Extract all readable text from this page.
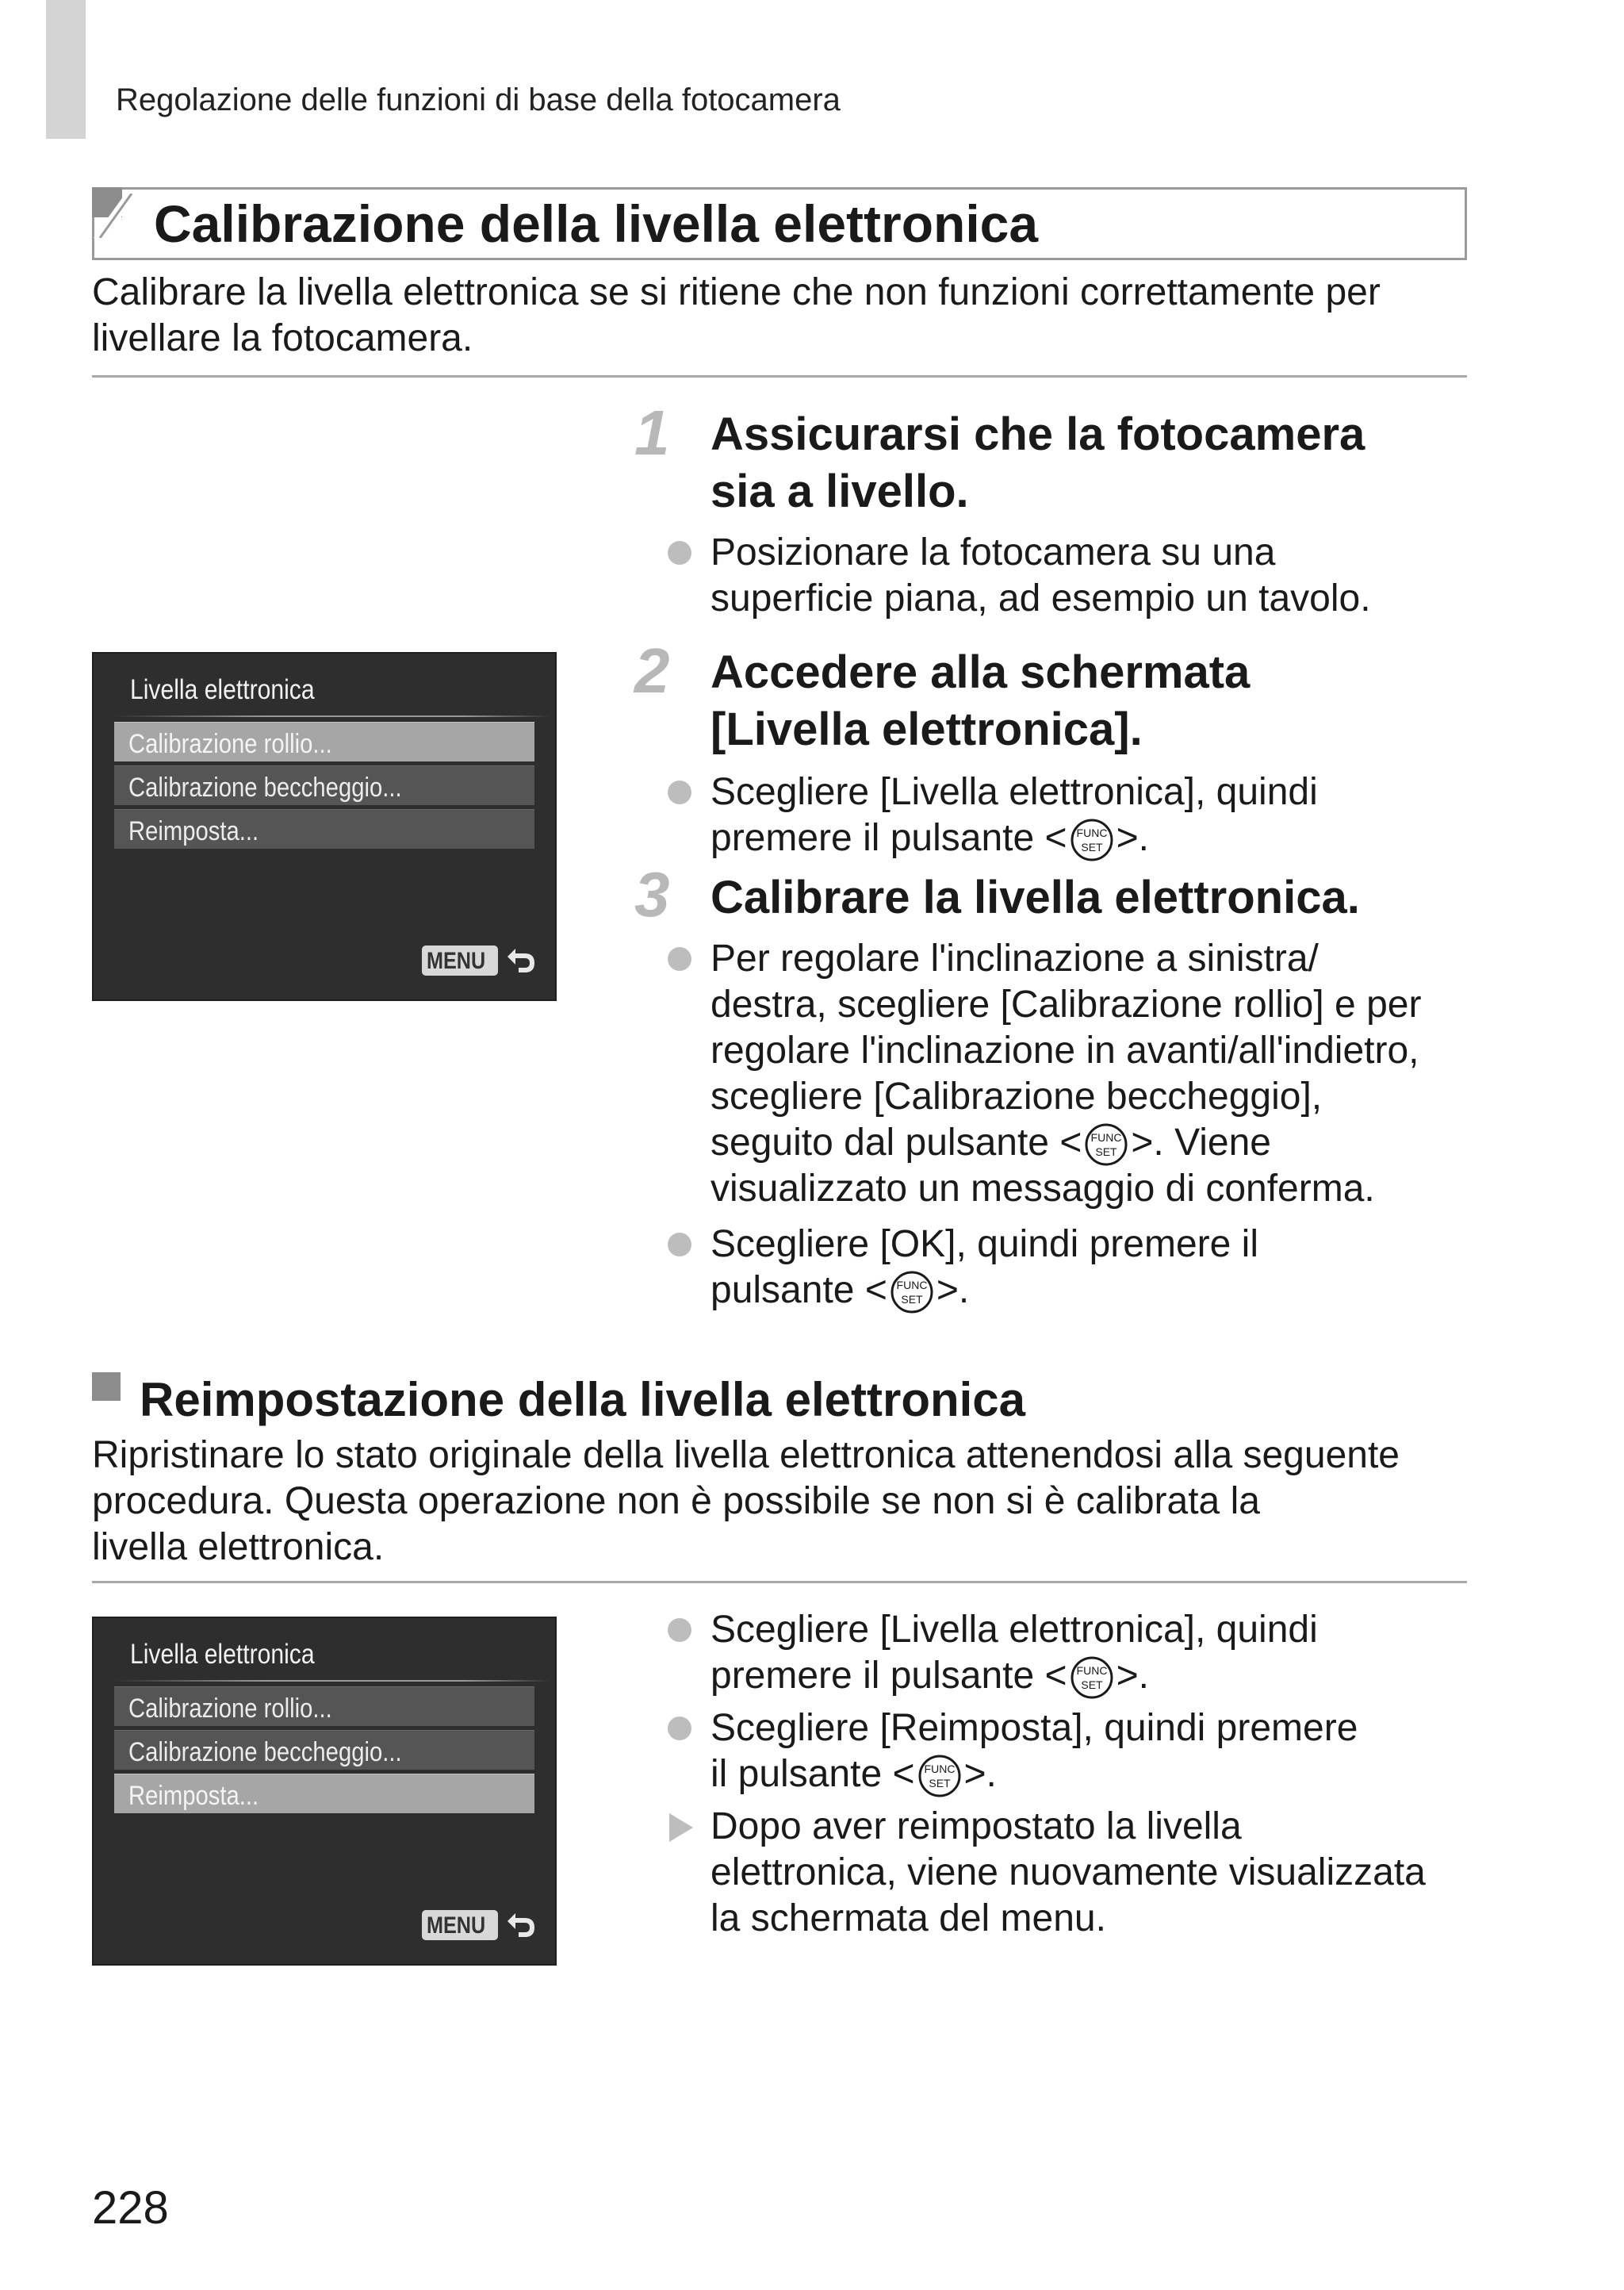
Regolazione delle funzioni di base della fotocamera
Calibrazione della livella elettronica
Calibrare la livella elettronica se si ritiene che non funzioni correttamente per livellare la fotocamera.
Livella elettronica
Calibrazione rollio...
Calibrazione beccheggio...
Reimposta...
MENU
1 Assicurarsi che la fotocamera
sia a livello.
Posizionare la fotocamera su una
superficie piana, ad esempio un tavolo.
2 Accedere alla schermata
[Livella elettronica].
Scegliere [Livella elettronica], quindi
premere il pulsante < FUNC
SET >.
3 Calibrare la livella elettronica.
Per regolare l'inclinazione a sinistra/
destra, scegliere [Calibrazione rollio] e per
regolare l'inclinazione in avanti/all'indietro,
scegliere [Calibrazione beccheggio],
seguito dal pulsante < FUNC
SET >. Viene
visualizzato un messaggio di conferma.
Scegliere [OK], quindi premere il
pulsante < FUNC
SET >.
Reimpostazione della livella elettronica
Ripristinare lo stato originale della livella elettronica attenendosi alla seguente
procedura. Questa operazione non è possibile se non si è calibrata la
livella elettronica.
Livella elettronica
Calibrazione rollio...
Calibrazione beccheggio...
Reimposta...
MENU
Scegliere [Livella elettronica], quindi
premere il pulsante < FUNC
SET >.
Scegliere [Reimposta], quindi premere
il pulsante < FUNC
SET >.
Dopo aver reimpostato la livella
elettronica, viene nuovamente visualizzata
la schermata del menu.
228
